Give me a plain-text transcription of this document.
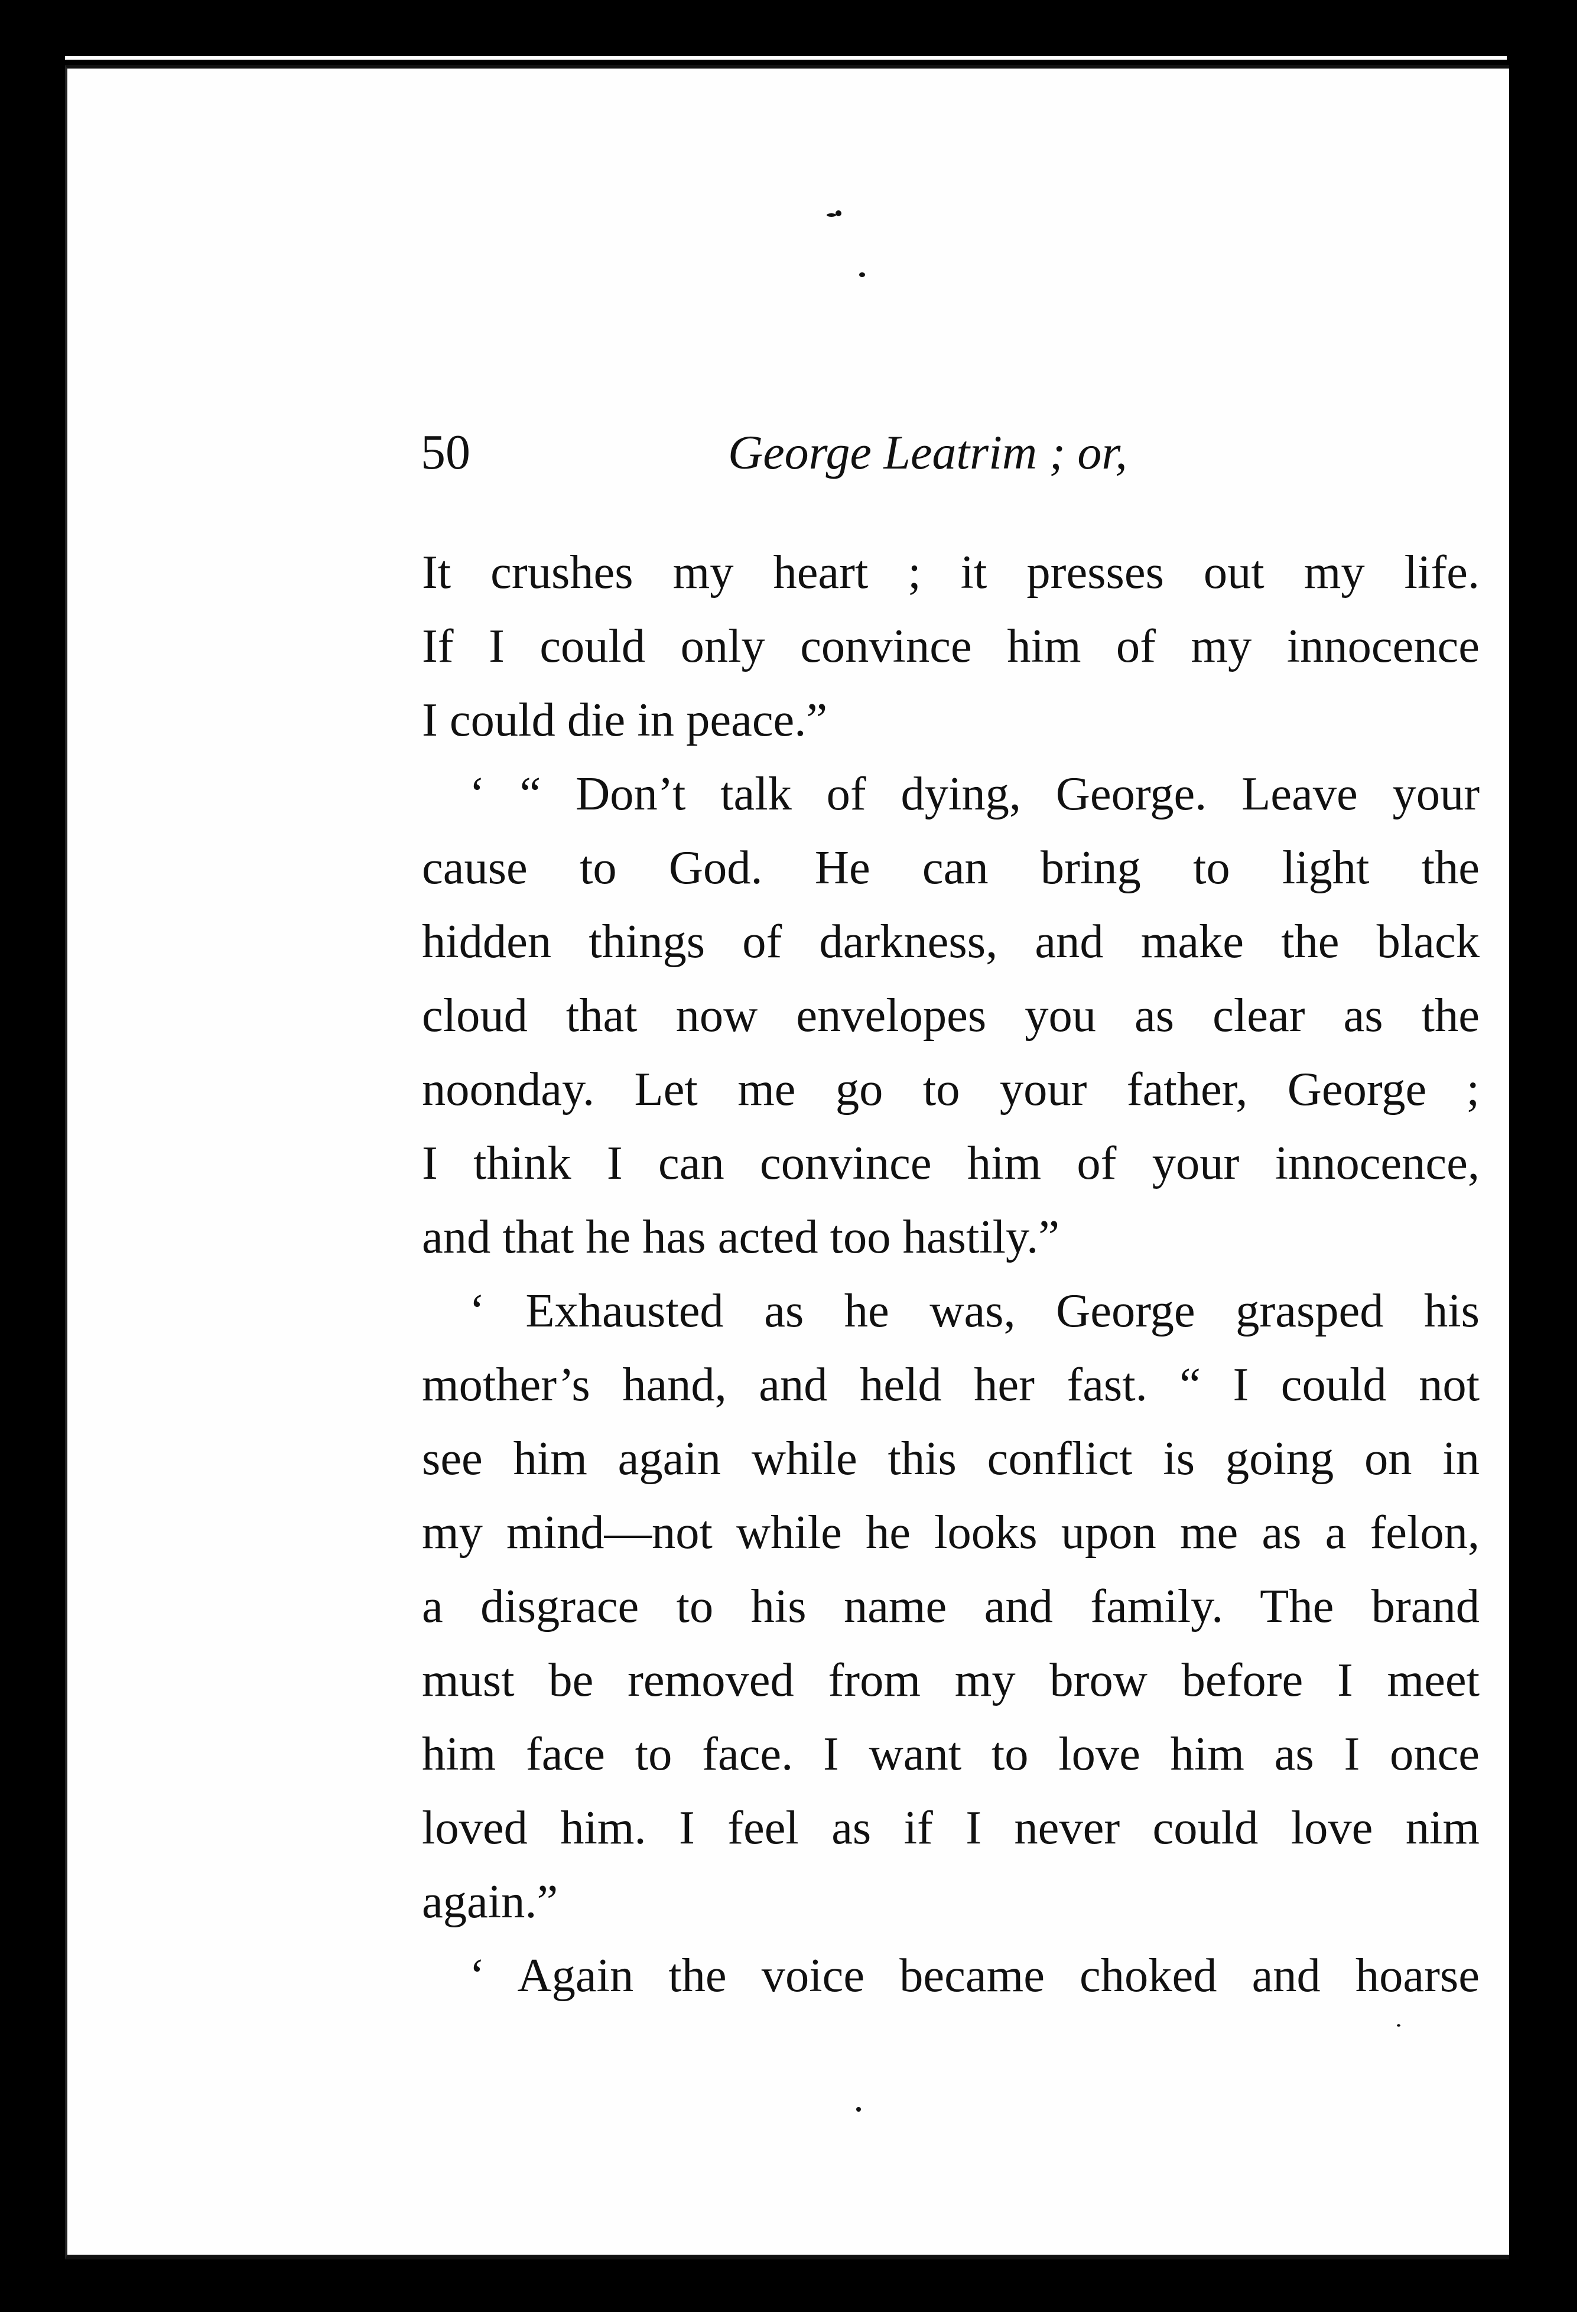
50	George Leatrim ; or,
It crushes my heart ; it presses out my life.
If I could only convince him of my innocence
I could die in peace.”
‘ “ Don’t talk of dying, George. Leave your
cause to God. He can bring to light the
hidden things of darkness, and make the black
cloud that now envelopes you as clear as the
noonday. Let me go to your father, George ;
I think I can convince him of your innocence,
and that he has acted too hastily.”
‘ Exhausted as he was, George grasped his
mother’s hand, and held her fast. “ I could not
see him again while this conflict is going on in
my mind—not while he looks upon me as a felon,
a disgrace to his name and family. The brand
must be removed from my brow before I meet
him face to face. I want to love him as I once
loved him. I feel as if I never could love nim
again.”
‘ Again the voice became choked and hoarse
